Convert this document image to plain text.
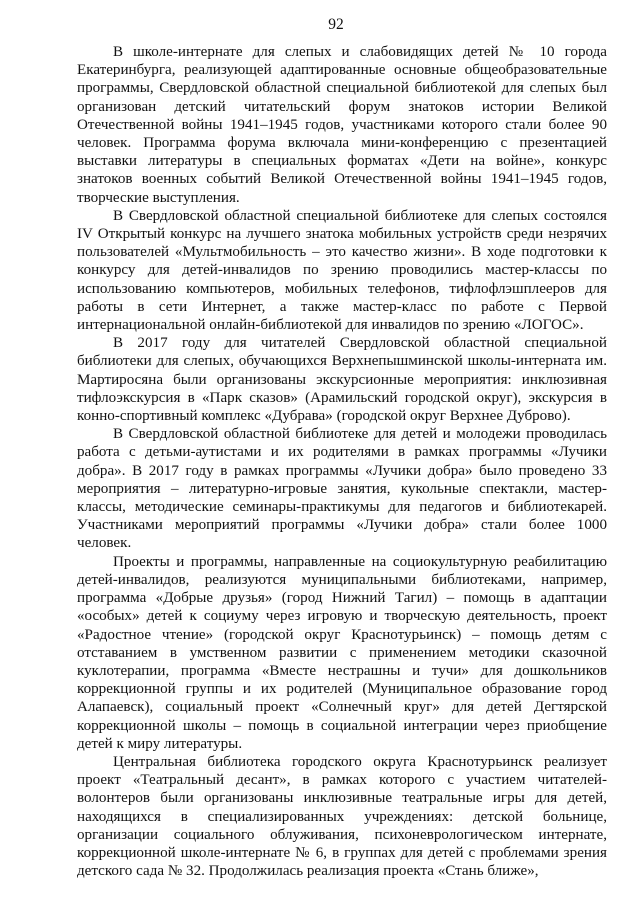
92

В школе-интернате для слепых и слабовидящих детей № 10 города Екатеринбурга, реализующей адаптированные основные общеобразовательные программы, Свердловской областной специальной библиотекой для слепых был организован детский читательский форум знатоков истории Великой Отечественной войны 1941–1945 годов, участниками которого стали более 90 человек. Программа форума включала мини-конференцию с презентацией выставки литературы в специальных форматах «Дети на войне», конкурс знатоков военных событий Великой Отечественной войны 1941–1945 годов, творческие выступления.

В Свердловской областной специальной библиотеке для слепых состоялся IV Открытый конкурс на лучшего знатока мобильных устройств среди незрячих пользователей «Мультмобильность – это качество жизни». В ходе подготовки к конкурсу для детей-инвалидов по зрению проводились мастер-классы по использованию компьютеров, мобильных телефонов, тифлофлэшплееров для работы в сети Интернет, а также мастер-класс по работе с Первой интернациональной онлайн-библиотекой для инвалидов по зрению «ЛОГОС».

В 2017 году для читателей Свердловской областной специальной библиотеки для слепых, обучающихся Верхнепышминской школы-интерната им. Мартиросяна были организованы экскурсионные мероприятия: инклюзивная тифлоэкскурсия в «Парк сказов» (Арамильский городской округ), экскурсия в конно-спортивный комплекс «Дубрава» (городской округ Верхнее Дуброво).

В Свердловской областной библиотеке для детей и молодежи проводилась работа с детьми-аутистами и их родителями в рамках программы «Лучики добра». В 2017 году в рамках программы «Лучики добра» было проведено 33 мероприятия – литературно-игровые занятия, кукольные спектакли, мастер-классы, методические семинары-практикумы для педагогов и библиотекарей. Участниками мероприятий программы «Лучики добра» стали более 1000 человек.

Проекты и программы, направленные на социокультурную реабилитацию детей-инвалидов, реализуются муниципальными библиотеками, например, программа «Добрые друзья» (город Нижний Тагил) – помощь в адаптации «особых» детей к социуму через игровую и творческую деятельность, проект «Радостное чтение» (городской округ Краснотурьинск) – помощь детям с отставанием в умственном развитии с применением методики сказочной куклотерапии, программа «Вместе нестрашны и тучи» для дошкольников коррекционной группы и их родителей (Муниципальное образование город Алапаевск), социальный проект «Солнечный круг» для детей Дегтярской коррекционной школы – помощь в социальной интеграции через приобщение детей к миру литературы.

Центральная библиотека городского округа Краснотурьинск реализует проект «Театральный десант», в рамках которого с участием читателей-волонтеров были организованы инклюзивные театральные игры для детей, находящихся в специализированных учреждениях: детской больнице, организации социального облуживания, психоневрологическом интернате, коррекционной школе-интернате № 6, в группах для детей с проблемами зрения детского сада № 32. Продолжилась реализация проекта «Стань ближе»,
